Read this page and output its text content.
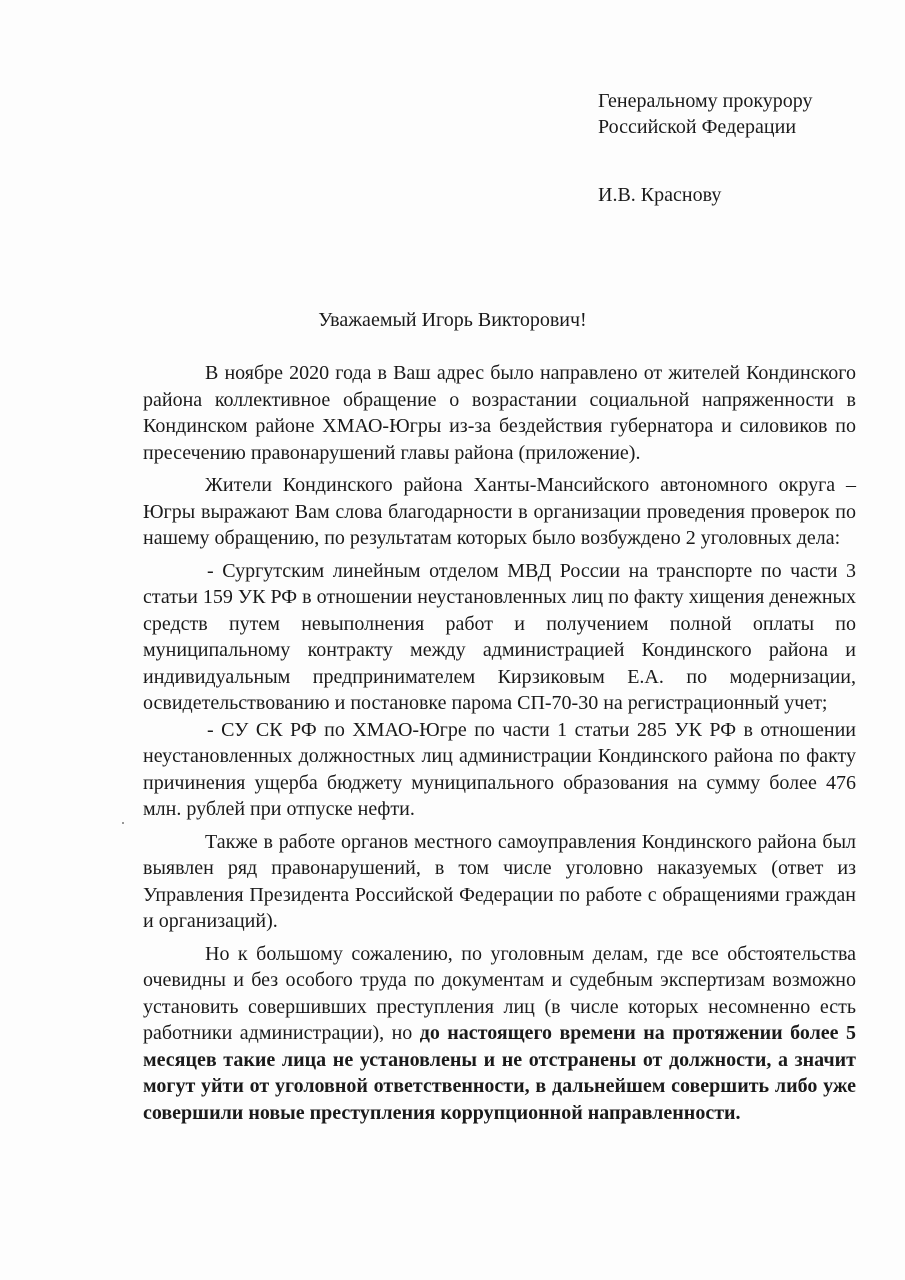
Генеральному прокурору
Российской Федерации
И.В. Краснову
Уважаемый Игорь Викторович!

В ноябре 2020 года в Ваш адрес было направлено от жителей Кондинского района коллективное обращение о возрастании социальной напряженности в Кондинском районе ХМАО-Югры из-за бездействия губернатора и силовиков по пресечению правонарушений главы района (приложение).

Жители Кондинского района Ханты-Мансийского автономного округа – Югры выражают Вам слова благодарности в организации проведения проверок по нашему обращению, по результатам которых было возбуждено 2 уголовных дела:

- Сургутским линейным отделом МВД России на транспорте по части 3 статьи 159 УК РФ в отношении неустановленных лиц по факту хищения денежных средств путем невыполнения работ и получением полной оплаты по муниципальному контракту между администрацией Кондинского района и индивидуальным предпринимателем Кирзиковым Е.А. по модернизации, освидетельствованию и постановке парома СП-70-30 на регистрационный учет;

- СУ СК РФ по ХМАО-Югре по части 1 статьи 285 УК РФ в отношении неустановленных должностных лиц администрации Кондинского района по факту причинения ущерба бюджету муниципального образования на сумму более 476 млн. рублей при отпуске нефти.

Также в работе органов местного самоуправления Кондинского района был выявлен ряд правонарушений, в том числе уголовно наказуемых (ответ из Управления Президента Российской Федерации по работе с обращениями граждан и организаций).

Но к большому сожалению, по уголовным делам, где все обстоятельства очевидны и без особого труда по документам и судебным экспертизам возможно установить совершивших преступления лиц (в числе которых несомненно есть работники администрации), но до настоящего времени на протяжении более 5 месяцев такие лица не установлены и не отстранены от должности, а значит могут уйти от уголовной ответственности, в дальнейшем совершить либо уже совершили новые преступления коррупционной направленности.
